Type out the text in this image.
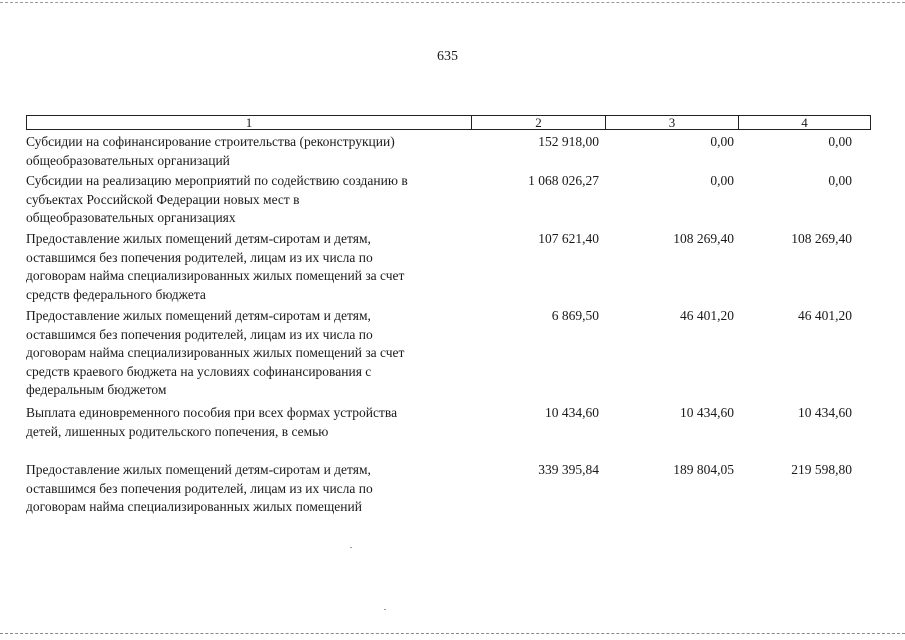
635
1	2	3	4
Субсидии на софинансирование строительства (реконструкции)
общеобразовательных организаций
152 918,00	0,00	0,00
Субсидии на реализацию мероприятий по содействию созданию в
субъектах Российской Федерации новых мест в
общеобразовательных организациях
1 068 026,27	0,00	0,00
Предоставление жилых помещений детям-сиротам и детям,
оставшимся без попечения родителей, лицам из их числа по
договорам найма специализированных жилых помещений за счет
средств федерального бюджета
107 621,40	108 269,40	108 269,40
Предоставление жилых помещений детям-сиротам и детям,
оставшимся без попечения родителей, лицам из их числа по
договорам найма специализированных жилых помещений за счет
средств краевого бюджета на условиях софинансирования с
федеральным бюджетом
6 869,50	46 401,20	46 401,20
Выплата единовременного пособия при всех формах устройства
детей, лишенных родительского попечения, в семью
10 434,60	10 434,60	10 434,60
Предоставление жилых помещений детям-сиротам и детям,
оставшимся без попечения родителей, лицам из их числа по
договорам найма специализированных жилых помещений
339 395,84	189 804,05	219 598,80
